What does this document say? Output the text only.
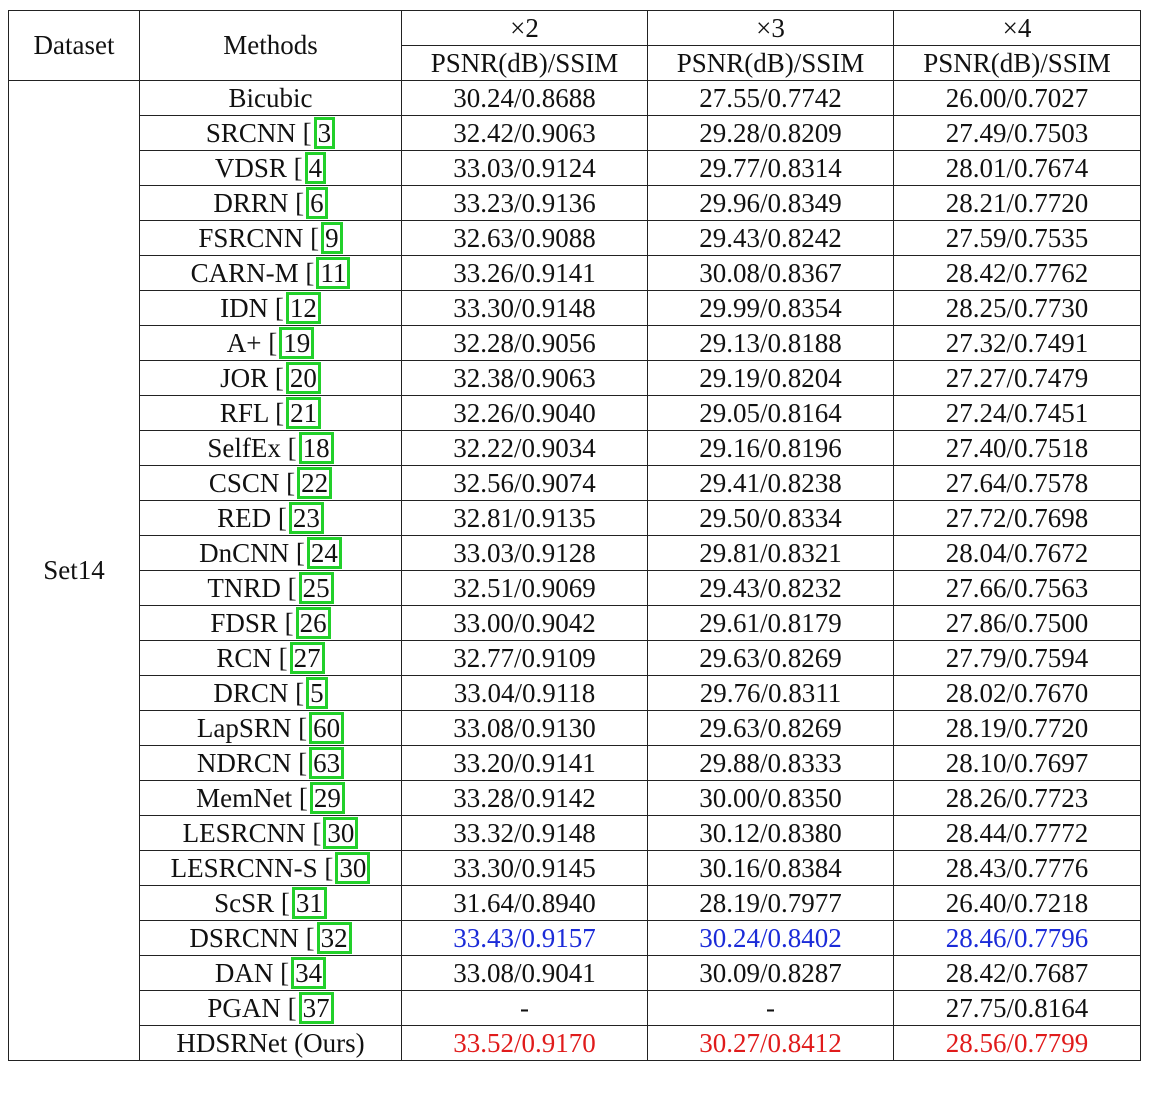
Dataset	Methods	×2	×3	×4
		PSNR(dB)/SSIM	PSNR(dB)/SSIM	PSNR(dB)/SSIM
Set14	Bicubic	30.24/0.8688	27.55/0.7742	26.00/0.7027
	SRCNN [ 3	32.42/0.9063	29.28/0.8209	27.49/0.7503
	VDSR [ 4	33.03/0.9124	29.77/0.8314	28.01/0.7674
	DRRN [ 6	33.23/0.9136	29.96/0.8349	28.21/0.7720
	FSRCNN [ 9	32.63/0.9088	29.43/0.8242	27.59/0.7535
	CARN-M [ 11	33.26/0.9141	30.08/0.8367	28.42/0.7762
	IDN [ 12	33.30/0.9148	29.99/0.8354	28.25/0.7730
	A+ [ 19	32.28/0.9056	29.13/0.8188	27.32/0.7491
	JOR [ 20	32.38/0.9063	29.19/0.8204	27.27/0.7479
	RFL [ 21	32.26/0.9040	29.05/0.8164	27.24/0.7451
	SelfEx [ 18	32.22/0.9034	29.16/0.8196	27.40/0.7518
	CSCN [ 22	32.56/0.9074	29.41/0.8238	27.64/0.7578
	RED [ 23	32.81/0.9135	29.50/0.8334	27.72/0.7698
	DnCNN [ 24	33.03/0.9128	29.81/0.8321	28.04/0.7672
	TNRD [ 25	32.51/0.9069	29.43/0.8232	27.66/0.7563
	FDSR [ 26	33.00/0.9042	29.61/0.8179	27.86/0.7500
	RCN [ 27	32.77/0.9109	29.63/0.8269	27.79/0.7594
	DRCN [ 5	33.04/0.9118	29.76/0.8311	28.02/0.7670
	LapSRN [ 60	33.08/0.9130	29.63/0.8269	28.19/0.7720
	NDRCN [ 63	33.20/0.9141	29.88/0.8333	28.10/0.7697
	MemNet [ 29	33.28/0.9142	30.00/0.8350	28.26/0.7723
	LESRCNN [ 30	33.32/0.9148	30.12/0.8380	28.44/0.7772
	LESRCNN-S [ 30	33.30/0.9145	30.16/0.8384	28.43/0.7776
	ScSR [ 31	31.64/0.8940	28.19/0.7977	26.40/0.7218
	DSRCNN [ 32	33.43/0.9157	30.24/0.8402	28.46/0.7796
	DAN [ 34	33.08/0.9041	30.09/0.8287	28.42/0.7687
	PGAN [ 37	-	-	27.75/0.8164
	HDSRNet (Ours)	33.52/0.9170	30.27/0.8412	28.56/0.7799
